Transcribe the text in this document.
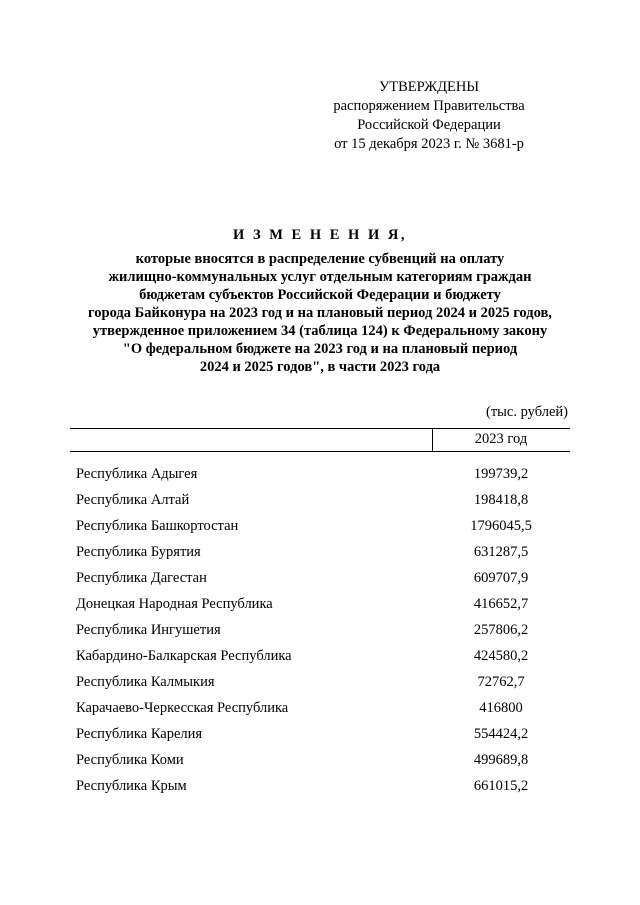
УТВЕРЖДЕНЫ
распоряжением Правительства
Российской Федерации
от 15 декабря 2023 г. № 3681-р
И З М Е Н Е Н И Я,
которые вносятся в распределение субвенций на оплату
жилищно-коммунальных услуг отдельным категориям граждан
бюджетам субъектов Российской Федерации и бюджету
города Байконура на 2023 год и на плановый период 2024 и 2025 годов,
утвержденное приложением 34 (таблица 124) к Федеральному закону
"О федеральном бюджете на 2023 год и на плановый период
2024 и 2025 годов", в части 2023 года
(тыс. рублей)
2023 год
Республика Адыгея	199739,2
Республика Алтай	198418,8
Республика Башкортостан	1796045,5
Республика Бурятия	631287,5
Республика Дагестан	609707,9
Донецкая Народная Республика	416652,7
Республика Ингушетия	257806,2
Кабардино-Балкарская Республика	424580,2
Республика Калмыкия	72762,7
Карачаево-Черкесская Республика	416800
Республика Карелия	554424,2
Республика Коми	499689,8
Республика Крым	661015,2
